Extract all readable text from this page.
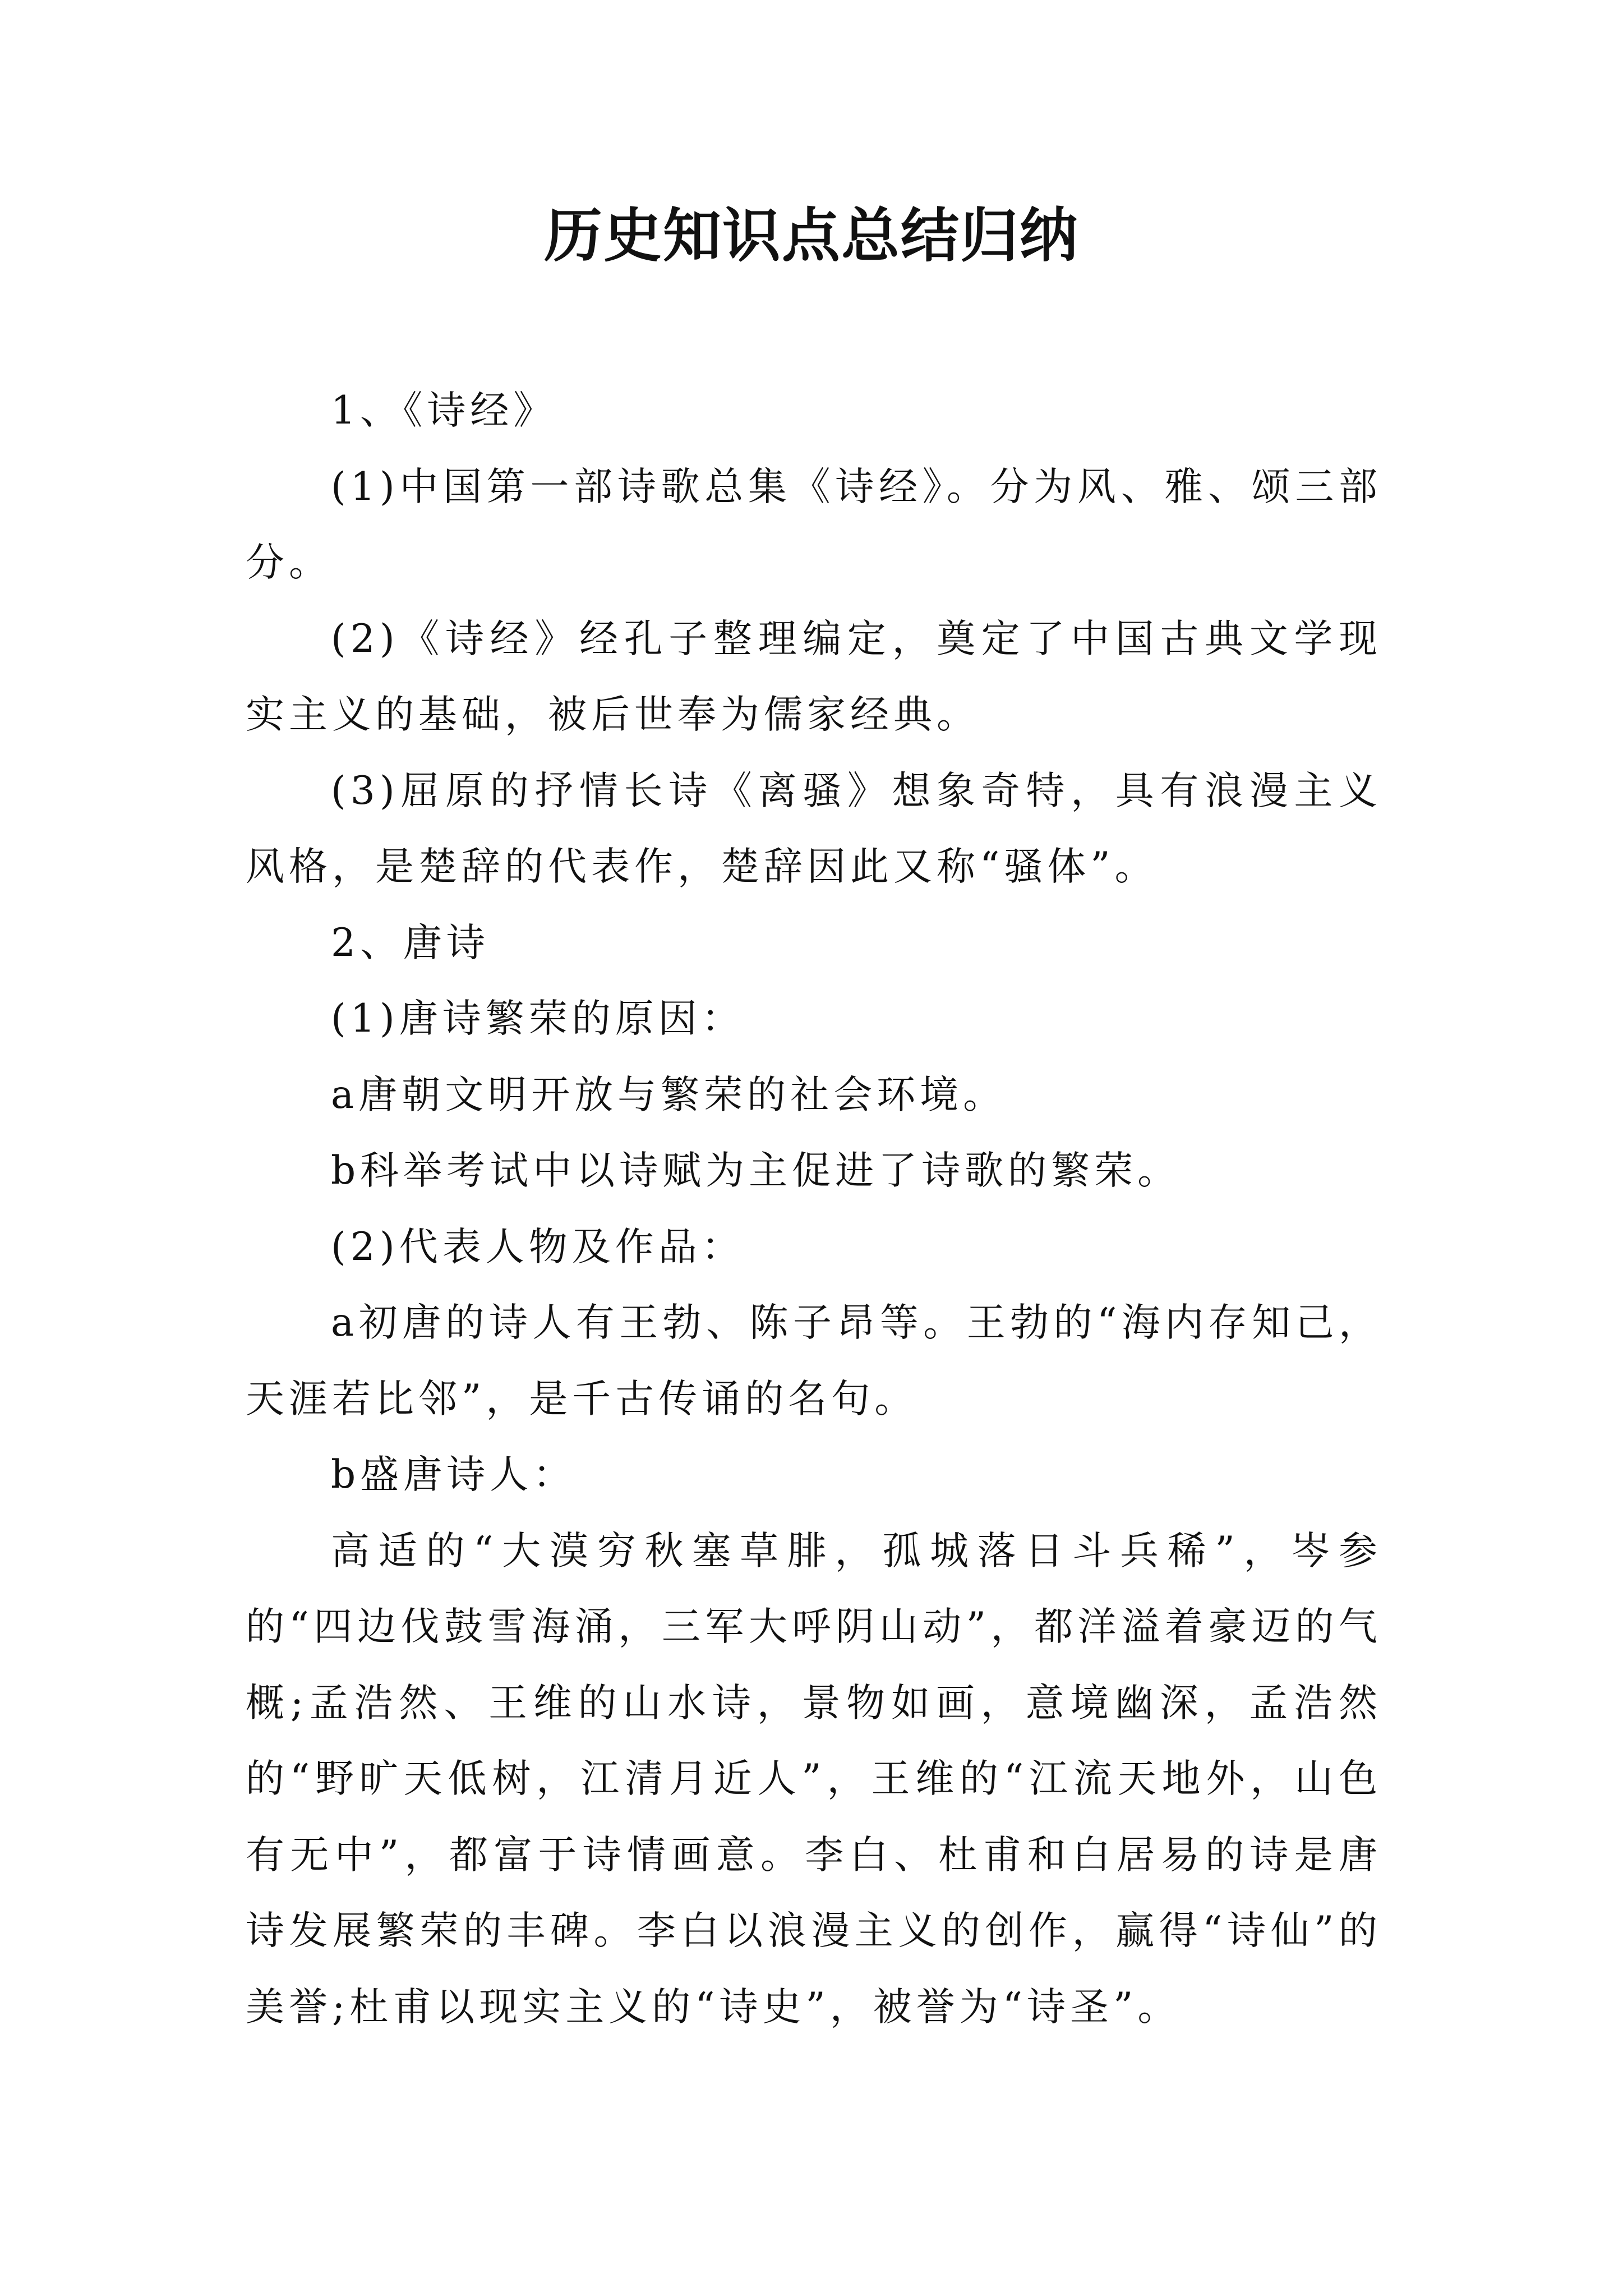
历史知识点总结归纳

1、《诗经》

(1)中国第一部诗歌总集《诗经》。分为风、雅、颂三部分。

(2)《诗经》经孔子整理编定，奠定了中国古典文学现实主义的基础，被后世奉为儒家经典。

(3)屈原的抒情长诗《离骚》想象奇特，具有浪漫主义风格，是楚辞的代表作，楚辞因此又称“骚体”。

2、唐诗

(1)唐诗繁荣的原因：

a唐朝文明开放与繁荣的社会环境。

b科举考试中以诗赋为主促进了诗歌的繁荣。

(2)代表人物及作品：

a初唐的诗人有王勃、陈子昂等。王勃的“海内存知己，天涯若比邻”，是千古传诵的名句。

b盛唐诗人：

高适的“大漠穷秋塞草腓，孤城落日斗兵稀”，岑参的“四边伐鼓雪海涌，三军大呼阴山动”，都洋溢着豪迈的气概;孟浩然、王维的山水诗，景物如画，意境幽深，孟浩然的“野旷天低树，江清月近人”，王维的“江流天地外，山色有无中”，都富于诗情画意。李白、杜甫和白居易的诗是唐诗发展繁荣的丰碑。李白以浪漫主义的创作，赢得“诗仙”的美誉;杜甫以现实主义的“诗史”，被誉为“诗圣”。
